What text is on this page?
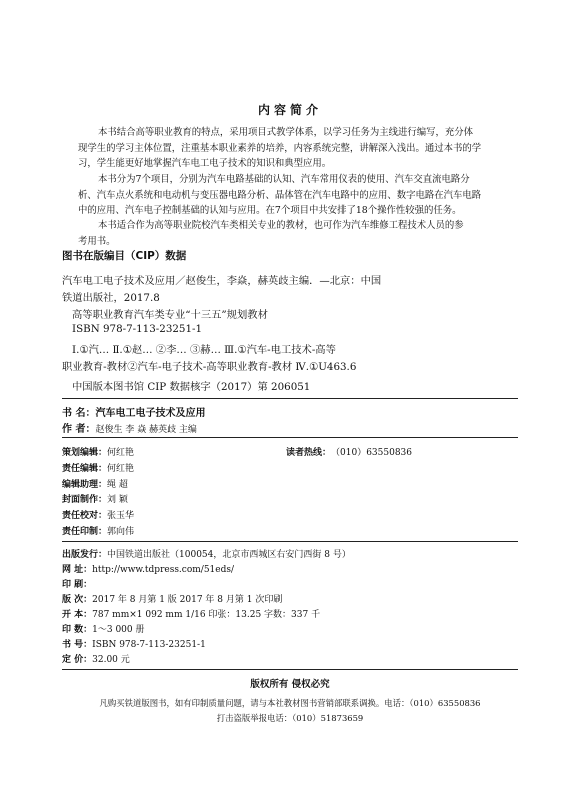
内容简介
本书结合高等职业教育的特点，采用项目式教学体系，以学习任务为主线进行编写，充分体
现学生的学习主体位置，注重基本职业素养的培养，内容系统完整，讲解深入浅出。通过本书的学
习，学生能更好地掌握汽车电工电子技术的知识和典型应用。
本书分为7个项目，分别为汽车电路基础的认知、汽车常用仪表的使用、汽车交直流电路分
析、汽车点火系统和电动机与变压器电路分析、晶体管在汽车电路中的应用、数字电路在汽车电路
中的应用、汽车电子控制基础的认知与应用。在7个项目中共安排了18个操作性较强的任务。
本书适合作为高等职业院校汽车类相关专业的教材，也可作为汽车维修工程技术人员的参
考用书。
图书在版编目（CIP）数据
汽车电工电子技术及应用／赵俊生，李焱，赫英歧主编．—北京：中国
铁道出版社，2017.8
高等职业教育汽车类专业“十三五”规划教材
ISBN 978-7-113-23251-1
Ⅰ.①汽… Ⅱ.①赵… ②李… ③赫… Ⅲ.①汽车-电工技术-高等
职业教育-教材②汽车-电子技术-高等职业教育-教材 Ⅳ.①U463.6
中国版本图书馆 CIP 数据核字（2017）第 206051
书 名：汽车电工电子技术及应用
作 者：赵俊生 李 焱 赫英歧 主编
策划编辑：何红艳
责任编辑：何红艳
编辑助理：绳 超
封面制作：刘 颖
责任校对：张玉华
责任印制：郭向伟
读者热线：（010）63550836
出版发行：中国铁道出版社（100054，北京市西城区右安门西街 8 号）
网 址：http://www.tdpress.com/51eds/
印 刷：
版 次：2017 年 8 月第 1 版 2017 年 8 月第 1 次印刷
开 本：787 mm×1 092 mm 1/16 印张：13.25 字数：337 千
印 数：1～3 000 册
书 号：ISBN 978-7-113-23251-1
定 价：32.00 元
版权所有 侵权必究
凡购买铁道版图书，如有印制质量问题，请与本社教材图书营销部联系调换。电话：（010）63550836
打击盗版举报电话：（010）51873659
